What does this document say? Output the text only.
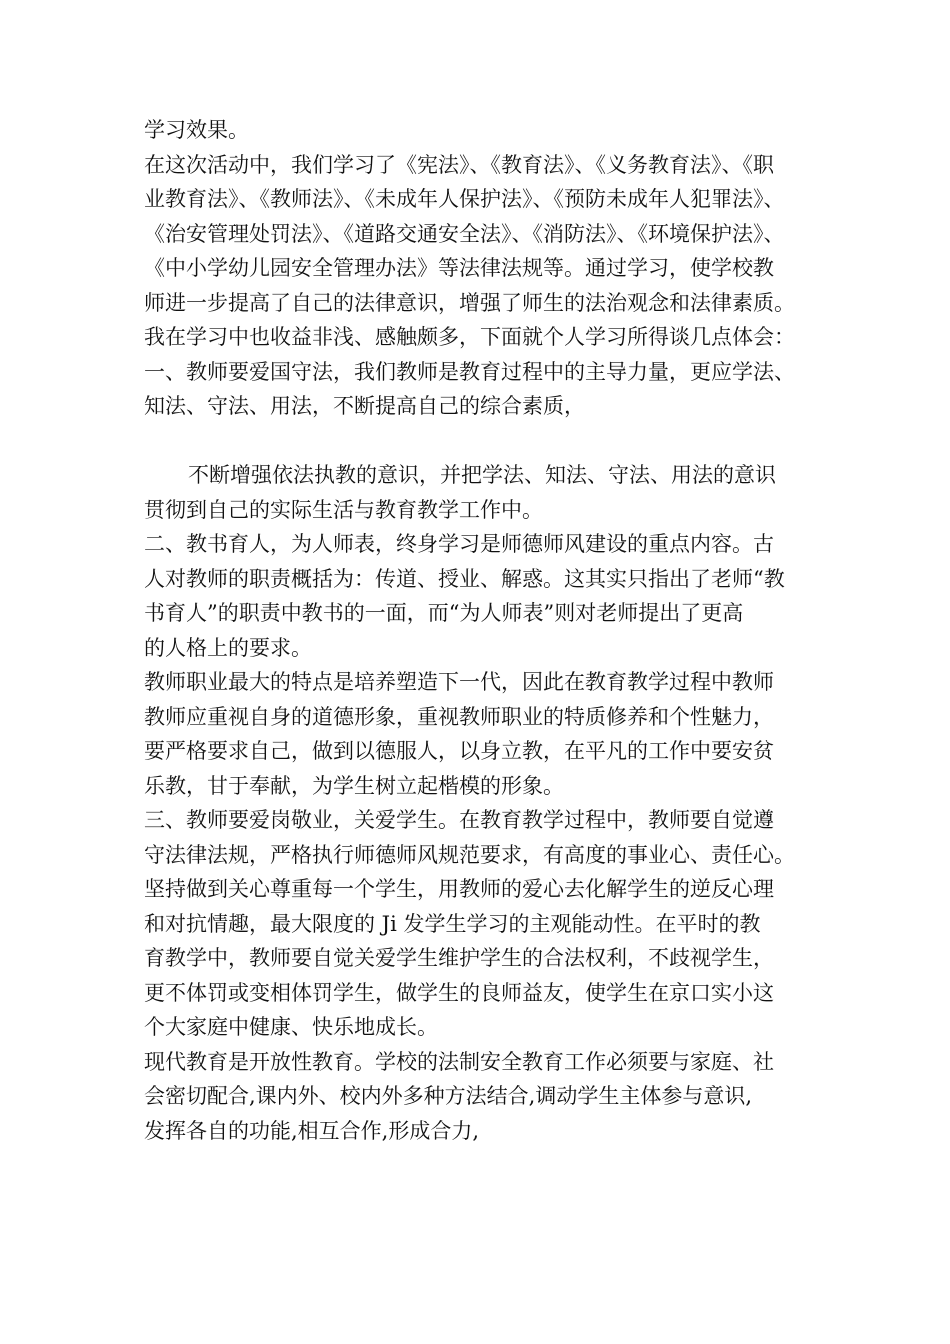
学习效果。
在这次活动中，我们学习了《宪法》、《教育法》、《义务教育法》、《职
业教育法》、《教师法》、《未成年人保护法》、《预防未成年人犯罪法》、
《治安管理处罚法》、《道路交通安全法》、《消防法》、《环境保护法》、
《中小学幼儿园安全管理办法》等法律法规等。通过学习，使学校教
师进一步提高了自己的法律意识，增强了师生的法治观念和法律素质。
我在学习中也收益非浅、感触颇多，下面就个人学习所得谈几点体会：
一、教师要爱国守法，我们教师是教育过程中的主导力量，更应学法、
知法、守法、用法，不断提高自己的综合素质，
不断增强依法执教的意识，并把学法、知法、守法、用法的意识
贯彻到自己的实际生活与教育教学工作中。
二、教书育人，为人师表，终身学习是师德师风建设的重点内容。古
人对教师的职责概括为：传道、授业、解惑。这其实只指出了老师“教
书育人”的职责中教书的一面，而“为人师表”则对老师提出了更高
的人格上的要求。
教师职业最大的特点是培养塑造下一代，因此在教育教学过程中教师
教师应重视自身的道德形象，重视教师职业的特质修养和个性魅力，
要严格要求自己，做到以德服人，以身立教，在平凡的工作中要安贫
乐教，甘于奉献，为学生树立起楷模的形象。
三、教师要爱岗敬业，关爱学生。在教育教学过程中，教师要自觉遵
守法律法规，严格执行师德师风规范要求，有高度的事业心、责任心。
坚持做到关心尊重每一个学生，用教师的爱心去化解学生的逆反心理
和对抗情趣，最大限度的 Ji 发学生学习的主观能动性。在平时的教
育教学中，教师要自觉关爱学生维护学生的合法权利，不歧视学生，
更不体罚或变相体罚学生，做学生的良师益友，使学生在京口实小这
个大家庭中健康、快乐地成长。
现代教育是开放性教育。学校的法制安全教育工作必须要与家庭、社
会密切配合,课内外、校内外多种方法结合,调动学生主体参与意识,
发挥各自的功能,相互合作,形成合力,
